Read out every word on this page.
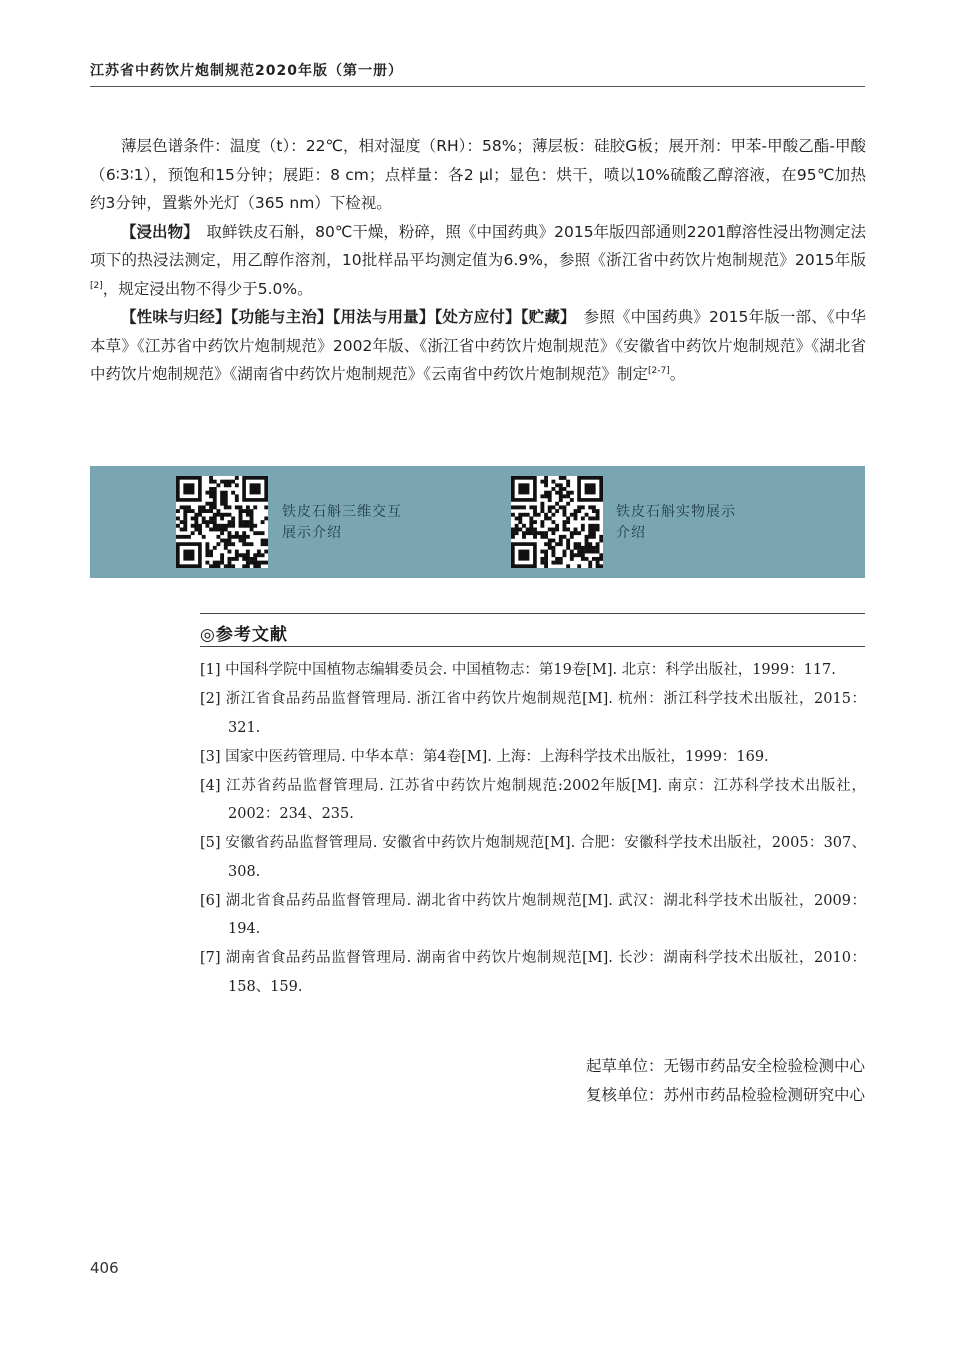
江苏省中药饮片炮制规范2020年版（第一册）

薄层色谱条件：温度（t）：22℃，相对湿度（RH）：58%；薄层板：硅胶G板；展开剂：甲苯-甲酸乙酯-甲酸（6∶3∶1），预饱和15分钟；展距：8 cm；点样量：各2 μl；显色：烘干，喷以10%硫酸乙醇溶液，在95℃加热约3分钟，置紫外光灯（365 nm）下检视。

【浸出物】  取鲜铁皮石斛，80℃干燥，粉碎，照《中国药典》2015年版四部通则2201醇溶性浸出物测定法项下的热浸法测定，用乙醇作溶剂，10批样品平均测定值为6.9%，参照《浙江省中药饮片炮制规范》2015年版[2]，规定浸出物不得少于5.0%。

【性味与归经】【功能与主治】【用法与用量】【处方应付】【贮藏】  参照《中国药典》2015年版一部、《中华本草》《江苏省中药饮片炮制规范》2002年版、《浙江省中药饮片炮制规范》《安徽省中药饮片炮制规范》《湖北省中药饮片炮制规范》《湖南省中药饮片炮制规范》《云南省中药饮片炮制规范》制定[2-7]。

铁皮石斛三维交互
展示介绍
铁皮石斛实物展示
介绍
◎参考文献
[1] 中国科学院中国植物志编辑委员会. 中国植物志：第19卷[M]. 北京：科学出版社，1999：117.
[2] 浙江省食品药品监督管理局. 浙江省中药饮片炮制规范[M]. 杭州：浙江科学技术出版社，2015：321.
[3] 国家中医药管理局. 中华本草：第4卷[M]. 上海：上海科学技术出版社，1999：169.
[4] 江苏省药品监督管理局. 江苏省中药饮片炮制规范:2002年版[M]. 南京：江苏科学技术出版社，2002：234、235.
[5] 安徽省药品监督管理局. 安徽省中药饮片炮制规范[M]. 合肥：安徽科学技术出版社，2005：307、308.
[6] 湖北省食品药品监督管理局. 湖北省中药饮片炮制规范[M]. 武汉：湖北科学技术出版社，2009：194.
[7] 湖南省食品药品监督管理局. 湖南省中药饮片炮制规范[M]. 长沙：湖南科学技术出版社，2010：158、159.
起草单位：无锡市药品安全检验检测中心
复核单位：苏州市药品检验检测研究中心
406
